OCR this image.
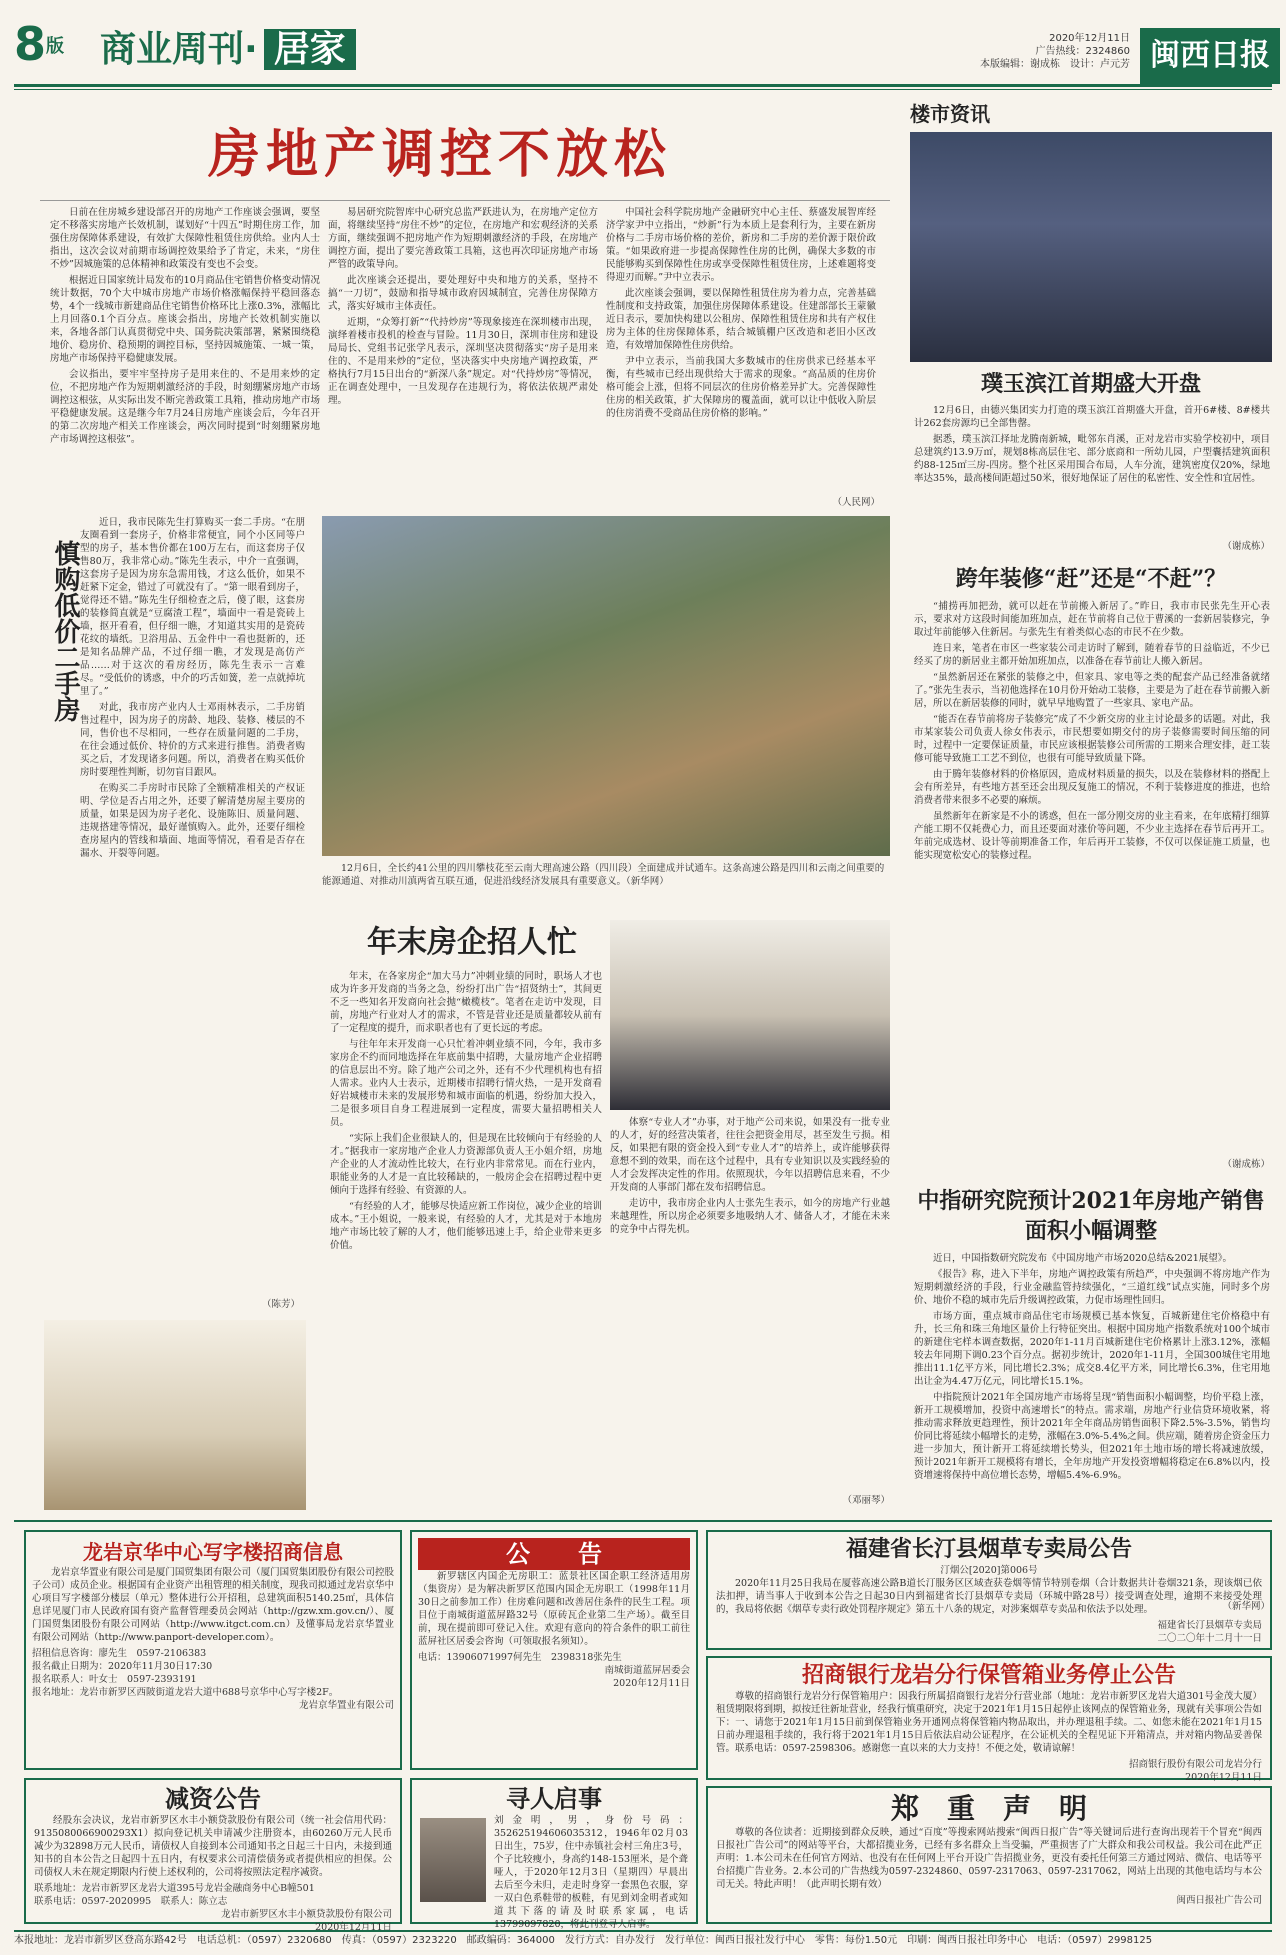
8版 商业周刊· 居家	2020年12月11日
广告热线：2324860
本版编辑：谢成栋　设计：卢元芳 闽西日报
房地产调控不放松

日前在住房城乡建设部召开的房地产工作座谈会强调，要坚定不移落实房地产长效机制，谋划好“十四五”时期住房工作，加强住房保障体系建设，有效扩大保障性租赁住房供给。业内人士指出，这次会议对前期市场调控效果给予了肯定，未来，“房住不炒”因城施策的总体精神和政策没有变也不会变。

根据近日国家统计局发布的10月商品住宅销售价格变动情况统计数据，70个大中城市房地产市场价格涨幅保持平稳回落态势，4个一线城市新建商品住宅销售价格环比上涨0.3%，涨幅比上月回落0.1个百分点。座谈会指出，房地产长效机制实施以来，各地各部门认真贯彻党中央、国务院决策部署，紧紧围绕稳地价、稳房价、稳预期的调控目标，坚持因城施策、一城一策，房地产市场保持平稳健康发展。

会议指出，要牢牢坚持房子是用来住的、不是用来炒的定位，不把房地产作为短期刺激经济的手段，时刻绷紧房地产市场调控这根弦，从实际出发不断完善政策工具箱，推动房地产市场平稳健康发展。这是继今年7月24日房地产座谈会后，今年召开的第二次房地产相关工作座谈会，两次同时提到“时刻绷紧房地产市场调控这根弦”。

易居研究院智库中心研究总监严跃进认为，在房地产定位方面，将继续坚持“房住不炒”的定位，在房地产和宏观经济的关系方面，继续强调不把房地产作为短期刺激经济的手段，在房地产调控方面，提出了要完善政策工具箱，这也再次印证房地产市场严管的政策导向。

此次座谈会还提出，要处理好中央和地方的关系，坚持不搞“一刀切”，鼓励和指导城市政府因城制宜，完善住房保障方式，落实好城市主体责任。

近期，“众筹打新”“代持炒房”等现象接连在深圳楼市出现，演绎着楼市投机的检查与冒险。11月30日，深圳市住房和建设局局长、党组书记张学凡表示，深圳坚决贯彻落实“房子是用来住的、不是用来炒的”定位，坚决落实中央房地产调控政策，严格执行7月15日出台的“新深八条”规定。对“代持炒房”等情况，正在调查处理中，一旦发现存在违规行为，将依法依规严肃处理。

中国社会科学院房地产金融研究中心主任、蔡盛发展智库经济学家尹中立指出，“炒新”行为本质上是套利行为，主要在新房价格与二手房市场价格的差价，新房和二手房的差价源于限价政策。“如果政府进一步提高保障性住房的比例，确保大多数的市民能够购买到保障性住房或享受保障性租赁住房，上述难题将变得迎刃而解。”尹中立表示。

此次座谈会强调，要以保障性租赁住房为着力点，完善基础性制度和支持政策，加强住房保障体系建设。住建部部长王蒙徽近日表示，要加快构建以公租房、保障性租赁住房和共有产权住房为主体的住房保障体系，结合城镇棚户区改造和老旧小区改造，有效增加保障性住房供给。

尹中立表示，当前我国大多数城市的住房供求已经基本平衡，有些城市已经出现供给大于需求的现象。“高品质的住房价格可能会上涨，但将不同层次的住房价格差异扩大。完善保障性住房的相关政策，扩大保障房的覆盖面，就可以让中低收入阶层的住房消费不受商品住房价格的影响。”

（人民网）
楼市资讯
璞玉滨江首期盛大开盘

12月6日，由德兴集团实力打造的璞玉滨江首期盛大开盘，首开6#楼、8#楼共计262套房源均已全部售罄。

据悉，璞玉滨江择址龙腾南新城，毗邻东肖溪，正对龙岩市实验学校初中，项目总建筑约13.9万㎡，规划8栋高层住宅、部分底商和一所幼儿园，户型囊括建筑面积约88-125㎡三房-四房。整个社区采用围合布局，人车分流，建筑密度仅20%，绿地率达35%，最高楼间距超过50米，很好地保证了居住的私密性、安全性和宜居性。

（谢成栋）
跨年装修“赶”还是“不赶”？

“捕捞再加把劲，就可以赶在节前搬入新居了。”昨日，我市市民张先生开心表示，要求对方这段时间能加班加点，赶在节前将自己位于曹溪的一套新居装修完，争取过年前能够入住新居。与张先生有着类似心态的市民不在少数。

连日来，笔者在市区一些家装公司走访时了解到，随着春节的日益临近，不少已经买了房的新居业主都开始加班加点，以准备在春节前让人搬入新居。

“虽然新居还在紧张的装修之中，但家具、家电等之类的配套产品已经准备就绪了。”张先生表示，当初他选择在10月份开始动工装修，主要是为了赶在春节前搬入新居，所以在新居装修的同时，就早早地购置了一些家具、家电产品。

“能否在春节前将房子装修完”成了不少新交房的业主讨论最多的话题。对此，我市某家装公司负责人徐女伟表示，市民想要如期交付的房子装修需要时间压缩的同时，过程中一定要保证质量，市民应该根据装修公司所需的工期来合理安排，赶工装修可能导致施工工艺不到位，也很有可能导致质量下降。

由于腾年装修材料的价格原因，造成材料质量的损失，以及在装修材料的搭配上会有所差异，有些地方甚至还会出现反复施工的情况，不利于装修进度的推进，也给消费者带来很多不必要的麻烦。

虽然新年在新家是不小的诱惑，但在一部分刚交房的业主看来，在年底精打细算产能工期不仅耗费心力，而且还要面对涨价等问题，不少业主选择在春节后再开工。年前完成选材、设计等前期准备工作，年后再开工装修，不仅可以保证施工质量，也能实现宽松安心的装修过程。

（谢成栋）
中指研究院预计2021年房地产销售面积小幅调整

近日，中国指数研究院发布《中国房地产市场2020总结&2021展望》。

《报告》称，进入下半年，房地产调控政策有所趋严，中央强调不将房地产作为短期刺激经济的手段，行业金融监管持续强化，“三道红线”试点实施，同时多个房价、地价不稳的城市先后升级调控政策，力促市场理性回归。

市场方面，重点城市商品住宅市场规模已基本恢复，百城新建住宅价格稳中有升，长三角和珠三角地区量价上行特征突出。根据中国房地产指数系统对100个城市的新建住宅样本调查数据，2020年1-11月百城新建住宅价格累计上涨3.12%，涨幅较去年同期下调0.23个百分点。据初步统计，2020年1-11月，全国300城住宅用地推出11.1亿平方米，同比增长2.3%；成交8.4亿平方米，同比增长6.3%，住宅用地出让金为4.47万亿元，同比增长15.1%。

中指院预计2021年全国房地产市场将呈现“销售面积小幅调整，均价平稳上涨，新开工规模增加，投资中高速增长”的特点。需求端，房地产行业信贷环境收紧，将推动需求释放更趋理性，预计2021年全年商品房销售面积下降2.5%-3.5%，销售均价同比将延续小幅增长的走势，涨幅在3.0%-5.4%之间。供应端，随着房企资金压力进一步加大，预计新开工将延续增长势头，但2021年土地市场的增长将减速放缓，预计2021年新开工规模将有增长，全年房地产开发投资增幅将稳定在6.8%以内，投资增速将保持中高位增长态势，增幅5.4%-6.9%。

（新华网）
慎购低价二手房

近日，我市民陈先生打算购买一套二手房。“在朋友圈看到一套房子，价格非常便宜，同个小区同等户型的房子，基本售价都在100万左右，而这套房子仅售80万，我非常心动。”陈先生表示，中介一直强调，这套房子是因为房东急需用钱，才这么低价，如果不赶紧下定金，错过了可就没有了。“第一眼看到房子，觉得还不错。”陈先生仔细检查之后，傻了眼，这套房的装修简直就是“豆腐渣工程”，墙面中一看是瓷砖上墙，抠开看看，但仔细一瞧，才知道其实用的是瓷砖花纹的墙纸。卫浴用品、五金件中一看也挺新的，还是知名品牌产品，不过仔细一瞧，才发现是高仿产品……对于这次的看房经历，陈先生表示一言难尽。“受低价的诱惑，中介的巧舌如簧，差一点就掉坑里了。”

对此，我市房产业内人士邓雨林表示，二手房销售过程中，因为房子的房龄、地段、装修、楼层的不同，售价也不尽相同，一些存在质量问题的二手房，在往会通过低价、特价的方式来进行推售。消费者购买之后，才发现诸多问题。所以，消费者在购买低价房时要理性判断，切勿盲目跟风。

在购买二手房时市民除了全额精准相关的产权证明、学位是否占用之外，还要了解清楚房屋主要房的质量，如果是因为房子老化、设施陈旧、质量问题、违规搭建等情况，最好谨慎购入。此外，还要仔细检查房屋内的管线和墙面、地面等情况，看看是否存在漏水、开裂等问题。

（陈芳）
12月6日，全长约41公里的四川攀枝花至云南大理高速公路（四川段）全面建成并试通车。这条高速公路是四川和云南之间重要的能源通道、对推动川滇两省互联互通，促进沿线经济发展具有重要意义。（新华网）
年末房企招人忙

年末，在各家房企“加大马力”冲刺业绩的同时，职场人才也成为许多开发商的当务之急，纷纷打出广告“招贤纳士”，其间更不乏一些知名开发商向社会抛“橄榄枝”。笔者在走访中发现，目前，房地产行业对人才的需求，不管是营业还是质量都较从前有了一定程度的提升，而求职者也有了更长远的考虑。

与往年年末开发商一心只忙着冲刺业绩不同，今年，我市多家房企不约而同地选择在年底前集中招聘，大量房地产企业招聘的信息层出不穷。除了地产公司之外，还有不少代理机构也有招人需求。业内人士表示，近期楼市招聘行情火热，一是开发商看好岩城楼市未来的发展形势和城市面临的机遇，纷纷加大投入，二是很多项目自身工程进展到一定程度，需要大量招聘相关人员。

“实际上我们企业很缺人的，但是现在比较倾向于有经验的人才。”据我市一家房地产企业人力资源部负责人王小姐介绍，房地产企业的人才流动性比较大，在行业内非常常见。而在行业内，职能业务的人才是一直比较稀缺的，一般房企会在招聘过程中更倾向于选择有经验、有资源的人。

“有经验的人才，能够尽快适应新工作岗位，减少企业的培训成本。”王小姐说，一般来说，有经验的人才，尤其是对于本地房地产市场比较了解的人才，他们能够迅速上手，给企业带来更多价值。

体察“专业人才”办事，对于地产公司来说，如果没有一批专业的人才，好的经营决策者，往往会把资金用尽，甚至发生亏损。相反，如果把有限的资金投入到“专业人才”的培养上，或许能够获得意想不到的效果，而在这个过程中，具有专业知识以及实践经验的人才会发挥决定性的作用。依照现状，今年以招聘信息来看，不少开发商的人事部门都在发布招聘信息。

走访中，我市房企业内人士张先生表示，如今的房地产行业越来越理性，所以房企必须要多地吸纳人才、储备人才，才能在未来的竞争中占得先机。

（邓丽琴）
龙岩京华中心写字楼招商信息

龙岩京华置业有限公司是厦门国贸集团有限公司（厦门国贸集团股份有限公司控股子公司）成员企业。根据国有企业资产出租管理的相关制度，现我司拟通过龙岩京华中心项目写字楼部分楼层（单元）整体进行公开招租，总建筑面积5140.25㎡，具体信息详见厦门市人民政府国有资产监督管理委员会网站（http://gzw.xm.gov.cn/）、厦门国贸集团股份有限公司网站（http://www.itgct.com.cn）及懂事局龙岩京华置业有限公司网站（http://www.panport-developer.com）。

招租信息咨询：廖先生　0597-2106383
报名截止日期为：2020年11月30日17:30
报名联系人：叶女士　0597-2393191
报名地址：龙岩市新罗区西陂街道龙岩大道中688号京华中心写字楼2F。
龙岩京华置业有限公司
公　　告

新罗辖区内国企无房职工：蓝景社区国企职工经济适用房（集资房）是为解决新罗区范围内国企无房职工（1998年11月30日之前参加工作）住房难问题和改善居住条件的民生工程。项目位于南城街道蓝屏路32号（原砖瓦企业第二生产场）。截至目前，现在提前即可登记入住。欢迎有意向的符合条件的职工前往蓝屏社区居委会咨询（可领取报名须知）。

电话：13906071997何先生　2398318张先生
南城街道蓝屏居委会
2020年12月11日
福建省长汀县烟草专卖局公告
汀烟公[2020]第006号

2020年11月25日我局在厦蓉高速公路B道长汀服务区区域查获卷烟等情节特别卷烟（合计数据共计卷烟321条，现该烟已依法扣押，请当事人于收到本公告之日起30日内到福建省长汀县烟草专卖局（环城中路28号）接受调查处理，逾期不来接受处理的，我局将依据《烟草专卖行政处罚程序规定》第五十八条的规定，对涉案烟草专卖品和依法予以处理。

福建省长汀县烟草专卖局
二〇二〇年十二月十一日
招商银行龙岩分行保管箱业务停止公告

尊敬的招商银行龙岩分行保管箱用户：因我行所属招商银行龙岩分行营业部（地址：龙岩市新罗区龙岩大道301号金茂大厦）租赁期限将到期，拟按迁往新址营业，经我行慎重研究，决定于2021年1月15日起停止该网点的保管箱业务，现就有关事项公告如下：一、请您于2021年1月15日前到保管箱业务开通网点将保管箱内物品取出，并办理退租手续。二、如您未能在2021年1月15日前办理退租手续的，我行将于2021年1月15日后依法启动公证程序，在公证机关的全程见证下开箱清点，并对箱内物品妥善保管。联系电话：0597-2598306。感谢您一直以来的大力支持！不便之处，敬请谅解！

招商银行股份有限公司龙岩分行
2020年12月11日
减资公告

经股东会决议，龙岩市新罗区水丰小额贷款股份有限公司（统一社会信用代码：9135080066900293X1）拟向登记机关申请减少注册资本，由60260万元人民币减少为32898万元人民币，请债权人自接到本公司通知书之日起三十日内，未接到通知书的自本公告之日起四十五日内，有权要求公司清偿债务或者提供相应的担保。公司债权人未在规定期限内行使上述权利的，公司将按照法定程序减资。

联系地址：龙岩市新罗区龙岩大道395号龙岩金融商务中心B幢501
联系电话：0597-2020995　联系人：陈立志
龙岩市新罗区水丰小额贷款股份有限公司
2020年12月11日
寻人启事

刘金明，男，身份号码：352625194606035312，1946年02月03日出生，75岁，住中赤镇社会村三角庄3号，个子比较瘦小，身高约148-153厘米，是个聋哑人，于2020年12月3日（星期四）早晨出去后至今未归，走走时身穿一套黑色衣服，穿一双白色系鞋带的板鞋，有见到刘金明者或知道其下落的请及时联系家属，电话13799097820，将此刊登寻人启事。

郑　重　声　明

尊敬的各位读者：近期接到群众反映，通过“百度”等搜索网站搜索“闽西日报广告”等关键词后进行查询出现若干个冒充“闽西日报社广告公司”的网站等平台，大都招揽业务，已经有多名群众上当受骗，严重损害了广大群众和我公司权益。我公司在此严正声明：1.本公司未在任何官方网站、也没有在任何网上平台开设广告招揽业务，更没有委托任何第三方通过网站、微信、电话等平台招揽广告业务。2.本公司的广告热线为0597-2324860、0597-2317063、0597-2317062，网站上出现的其他电话均与本公司无关。特此声明！（此声明长期有效）

闽西日报社广告公司
本报地址：龙岩市新罗区登高东路42号　电话总机：（0597）2320680　传真：（0597）2323220　邮政编码：364000　发行方式：自办发行　发行单位：闽西日报社发行中心　零售：每份1.50元　印刷：闽西日报社印务中心　电话：（0597）2998125
